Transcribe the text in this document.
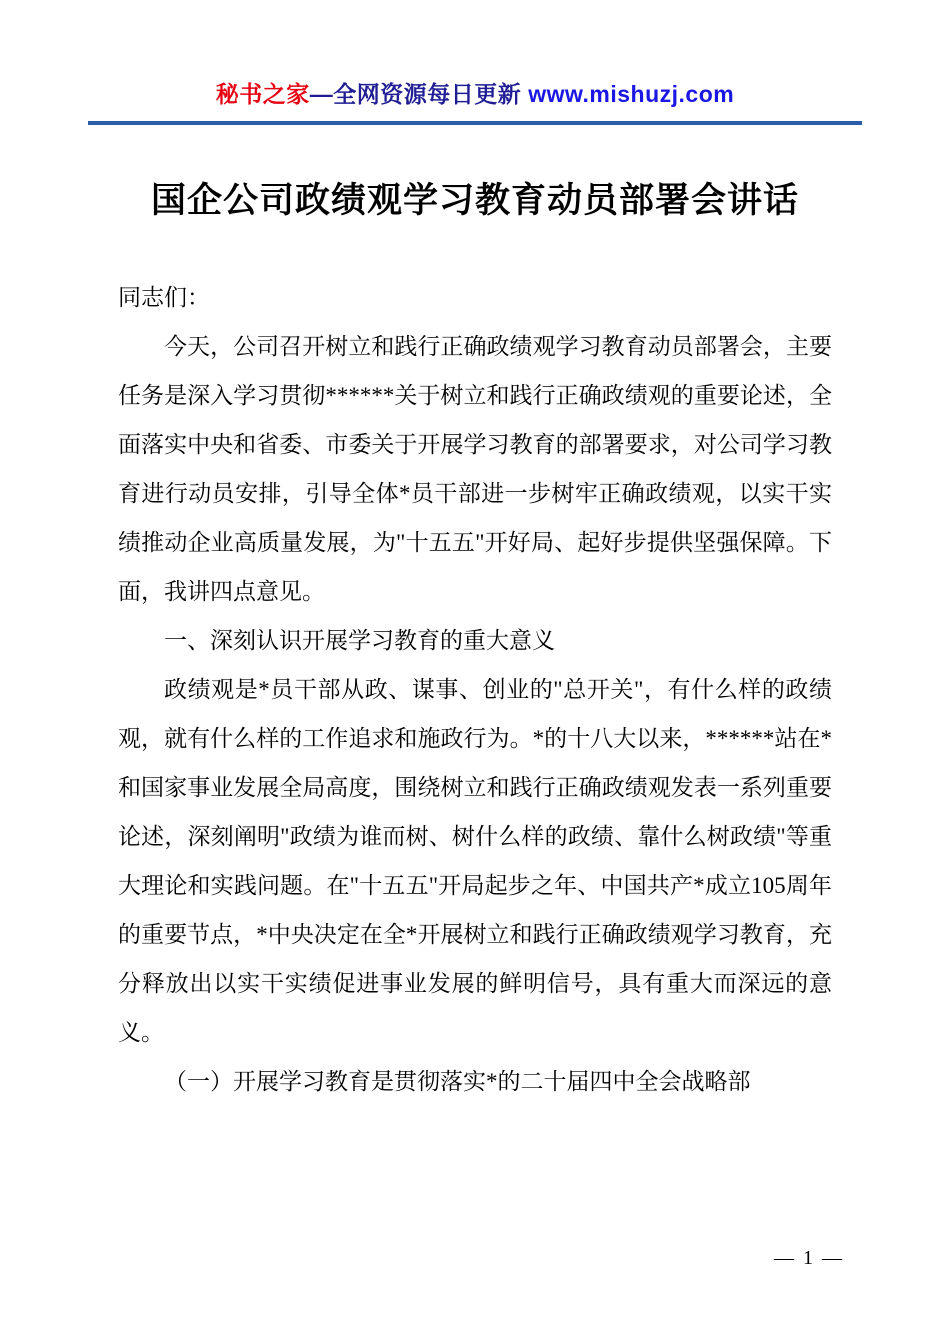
秘书之家—全网资源每日更新 www.mishuzj.com
国企公司政绩观学习教育动员部署会讲话

同志们：

今天，公司召开树立和践行正确政绩观学习教育动员部署会，主要任务是深入学习贯彻******关于树立和践行正确政绩观的重要论述，全面落实中央和省委、市委关于开展学习教育的部署要求，对公司学习教育进行动员安排，引导全体*员干部进一步树牢正确政绩观，以实干实绩推动企业高质量发展，为"十五五"开好局、起好步提供坚强保障。下面，我讲四点意见。

一、深刻认识开展学习教育的重大意义

政绩观是*员干部从政、谋事、创业的"总开关"，有什么样的政绩观，就有什么样的工作追求和施政行为。*的十八大以来，******站在*和国家事业发展全局高度，围绕树立和践行正确政绩观发表一系列重要论述，深刻阐明"政绩为谁而树、树什么样的政绩、靠什么树政绩"等重大理论和实践问题。在"十五五"开局起步之年、中国共产*成立105周年的重要节点，*中央决定在全*开展树立和践行正确政绩观学习教育，充分释放出以实干实绩促进事业发展的鲜明信号，具有重大而深远的意义。

（一）开展学习教育是贯彻落实*的二十届四中全会战略部

— 1 —
